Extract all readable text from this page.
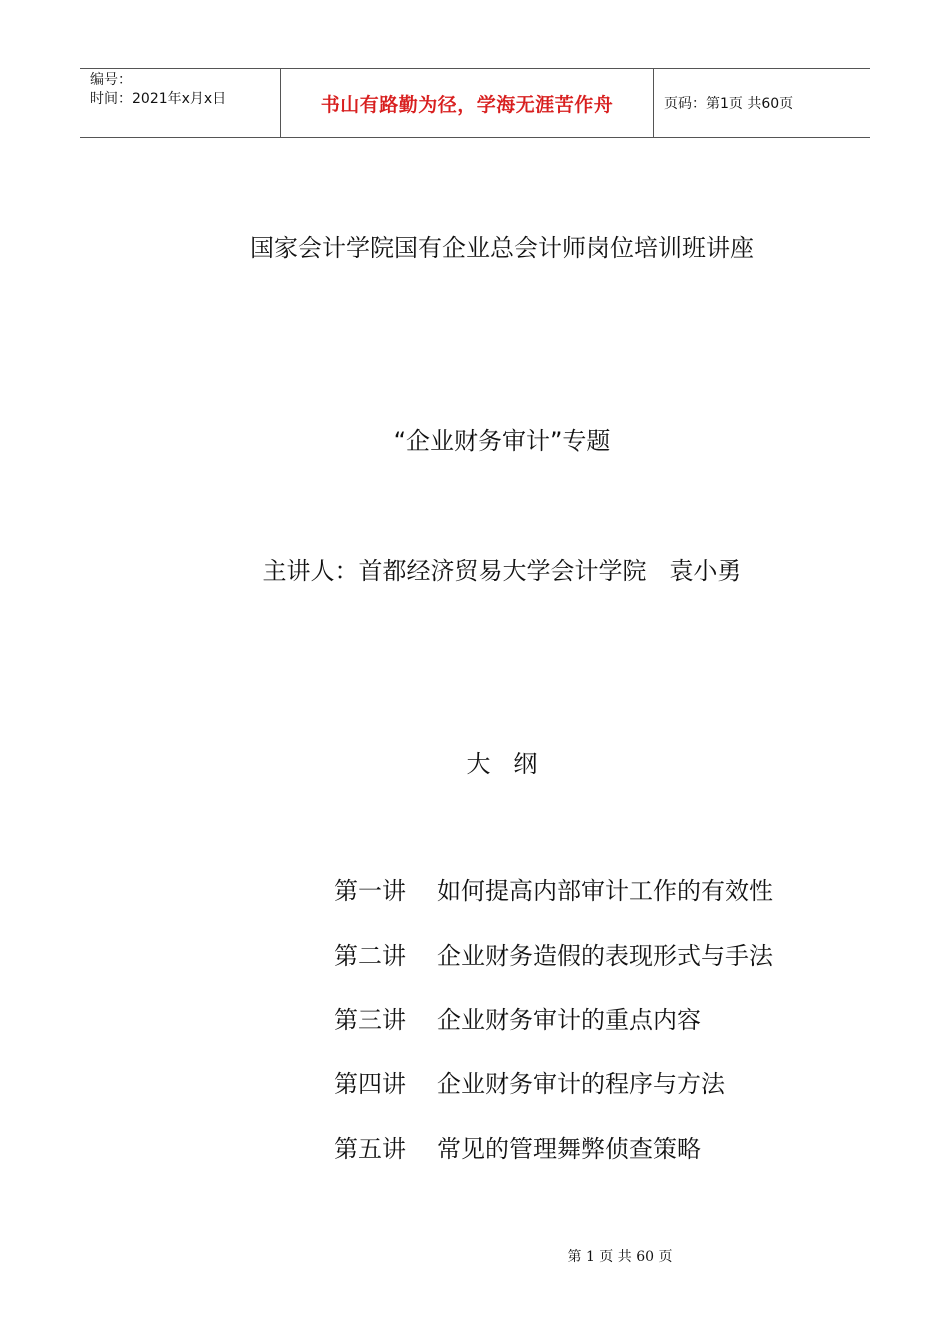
编号：
时间：2021年x月x日	书山有路勤为径，学海无涯苦作舟	页码：第1页 共60页
国家会计学院国有企业总会计师岗位培训班讲座
“企业财务审计”专题
主讲人：首都经济贸易大学会计学院   袁小勇
大   纲
第一讲 如何提高内部审计工作的有效性
第二讲 企业财务造假的表现形式与手法
第三讲 企业财务审计的重点内容
第四讲 企业财务审计的程序与方法
第五讲 常见的管理舞弊侦查策略
第 1 页 共 60 页
